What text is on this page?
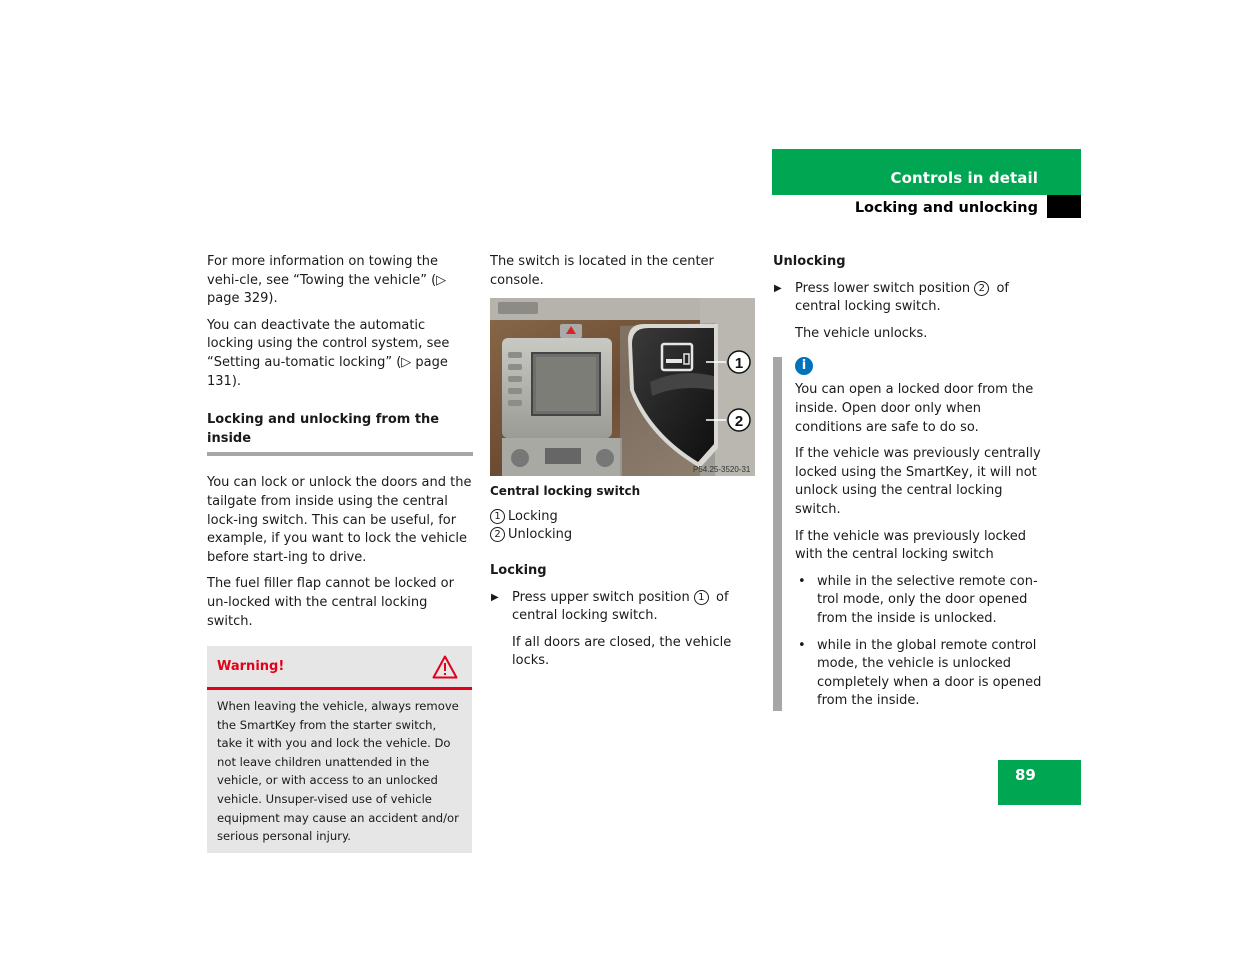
Controls in detail
Locking and unlocking
For more information on towing the vehi-cle, see “Towing the vehicle” (▷ page 329).
You can deactivate the automatic locking using the control system, see “Setting au-tomatic locking” (▷ page 131).
Locking and unlocking from the inside
You can lock or unlock the doors and the tailgate from inside using the central lock-ing switch. This can be useful, for example, if you want to lock the vehicle before start-ing to drive.
The fuel filler flap cannot be locked or un-locked with the central locking switch.
Warning!
When leaving the vehicle, always remove the SmartKey from the starter switch, take it with you and lock the vehicle. Do not leave children unattended in the vehicle, or with access to an unlocked vehicle. Unsuper-vised use of vehicle equipment may cause an accident and/or serious personal injury.
The switch is located in the center console.
1
2
P54.25-3520-31
Central locking switch
1 Locking
2 Unlocking
Locking
▶ Press upper switch position 1 of central locking switch.
If all doors are closed, the vehicle locks.
Unlocking
▶ Press lower switch position 2 of central locking switch.
The vehicle unlocks.
i
You can open a locked door from the inside. Open door only when conditions are safe to do so.
If the vehicle was previously centrally locked using the SmartKey, it will not unlock using the central locking switch.
If the vehicle was previously locked with the central locking switch
• while in the selective remote con-trol mode, only the door opened from the inside is unlocked.
• while in the global remote control mode, the vehicle is unlocked completely when a door is opened from the inside.
89
